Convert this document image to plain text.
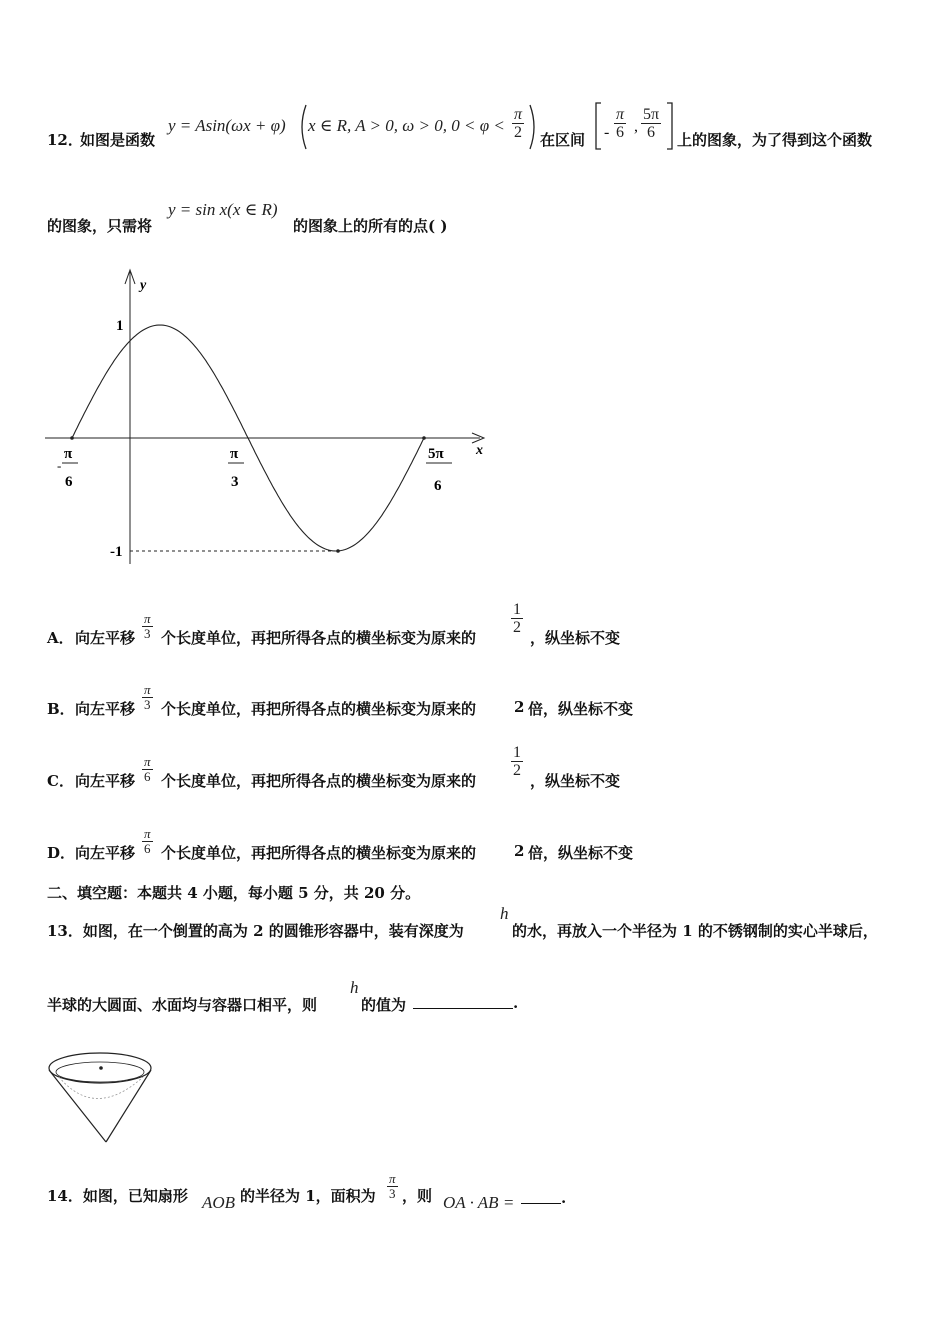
12．
如图是函数
y = Asin(ωx + φ) x ∈ R, A > 0, ω > 0, $0 < \varphi < \frac{\pi}{2}$ 在区间 - $\frac{\pi}{6}$ , $\frac{5\pi}{6}$ 上的图象，为了得到这个函数
的图象，只需将
y = sin x(x ∈ R)
的图象上的所有的点( )
y
x
1
-1
-
π
6
π
3
5π
6
A． 向左平移 $\frac{\pi}{3}$ 个长度单位，再把所得各点的横坐标变为原来的
$\frac{1}{2}$
，纵坐标不变
B． 向左平移 $\frac{\pi}{3}$ 个长度单位，再把所得各点的横坐标变为原来的	2 倍，纵坐标不变
C． 向左平移 $\frac{\pi}{6}$ 个长度单位，再把所得各点的横坐标变为原来的
$\frac{1}{2}$
，纵坐标不变
D． 向左平移 $\frac{\pi}{6}$ 个长度单位，再把所得各点的横坐标变为原来的	2 倍，纵坐标不变
二、填空题：本题共 4 小题，每小题 5 分，共 20 分。
13．如图，在一个倒置的高为 2 的圆锥形容器中，装有深度为
h
的水，再放入一个半径为 1 的不锈钢制的实心半球后，
半球的大圆面、水面均与容器口相平，则
h
的值为	.
14．如图，已知扇形 AOB 的半径为 1，面积为 $\frac{\pi}{3}$ ，则 OA · AB =	.
